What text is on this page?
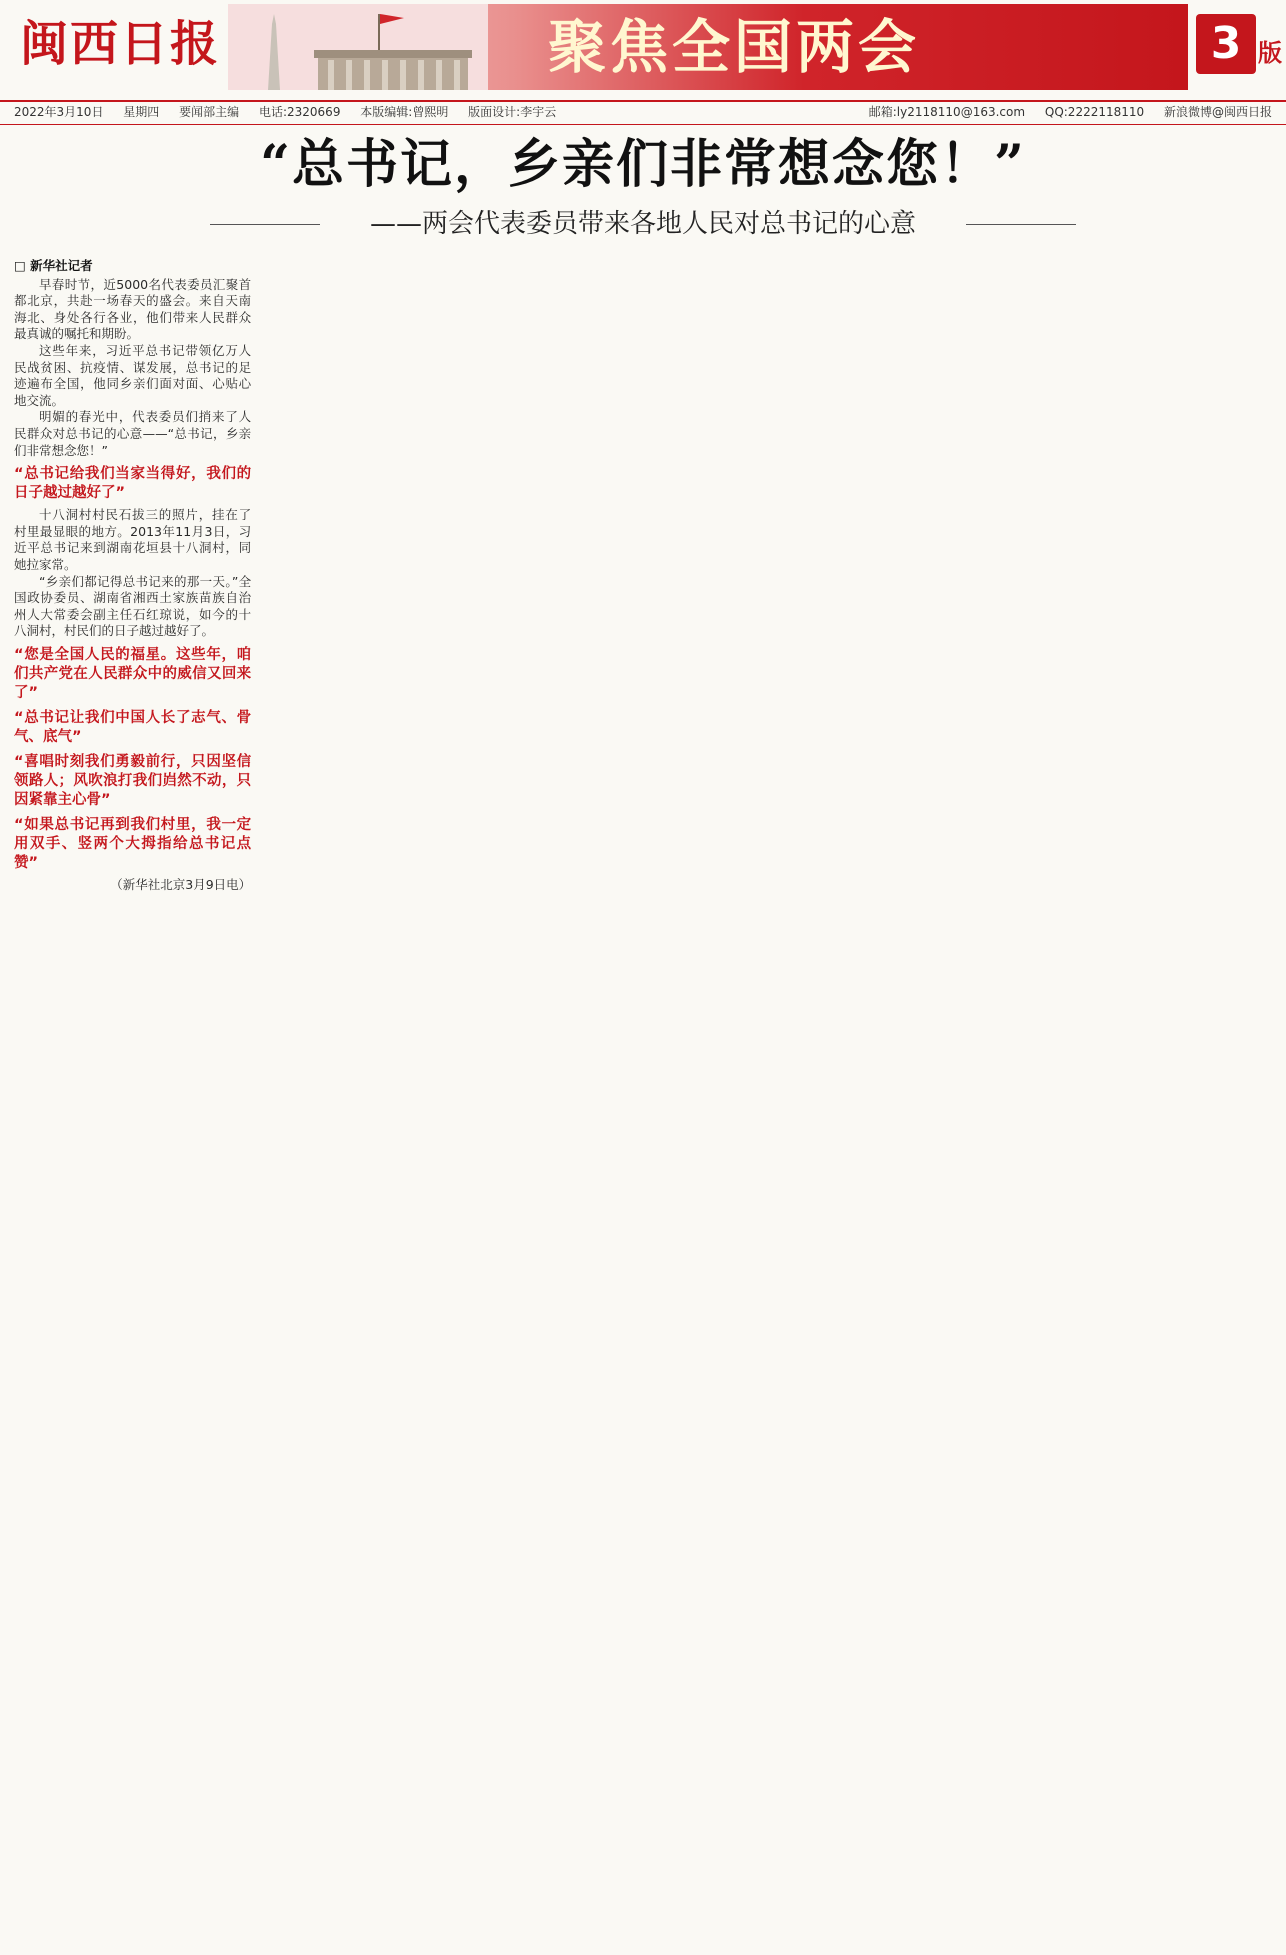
闽西日报	聚焦全国两会	3 版
2022年3月10日 星期四 要闻部主编 电话:2320669 本版编辑:曾熙明 版面设计:李宇云	邮箱:ly2118110@163.com QQ:2222118110 新浪微博@闽西日报
“总书记，乡亲们非常想念您！”
——两会代表委员带来各地人民对总书记的心意

□ 新华社记者

早春时节，近5000名代表委员汇聚首都北京，共赴一场春天的盛会。来自天南海北、身处各行各业，他们带来人民群众最真诚的嘱托和期盼。

这些年来，习近平总书记带领亿万人民战贫困、抗疫情、谋发展，总书记的足迹遍布全国，他同乡亲们面对面、心贴心地交流。

明媚的春光中，代表委员们捎来了人民群众对总书记的心意——“总书记，乡亲们非常想念您！”

“总书记给我们当家当得好，我们的日子越过越好了”

十八洞村村民石拔三的照片，挂在了村里最显眼的地方。2013年11月3日，习近平总书记来到湖南花垣县十八洞村，同她拉家常。

“乡亲们都记得总书记来的那一天。”全国政协委员、湖南省湘西土家族苗族自治州人大常委会副主任石红琼说，如今的十八洞村，村民们的日子越过越好了。

“您是全国人民的福星。这些年，咱们共产党在人民群众中的威信又回来了”

“总书记让我们中国人长了志气、骨气、底气”

“喜唱时刻我们勇毅前行，只因坚信领路人；风吹浪打我们岿然不动，只因紧靠主心骨”

“如果总书记再到我们村里，我一定用双手、竖两个大拇指给总书记点赞”

（新华社北京3月9日电）
